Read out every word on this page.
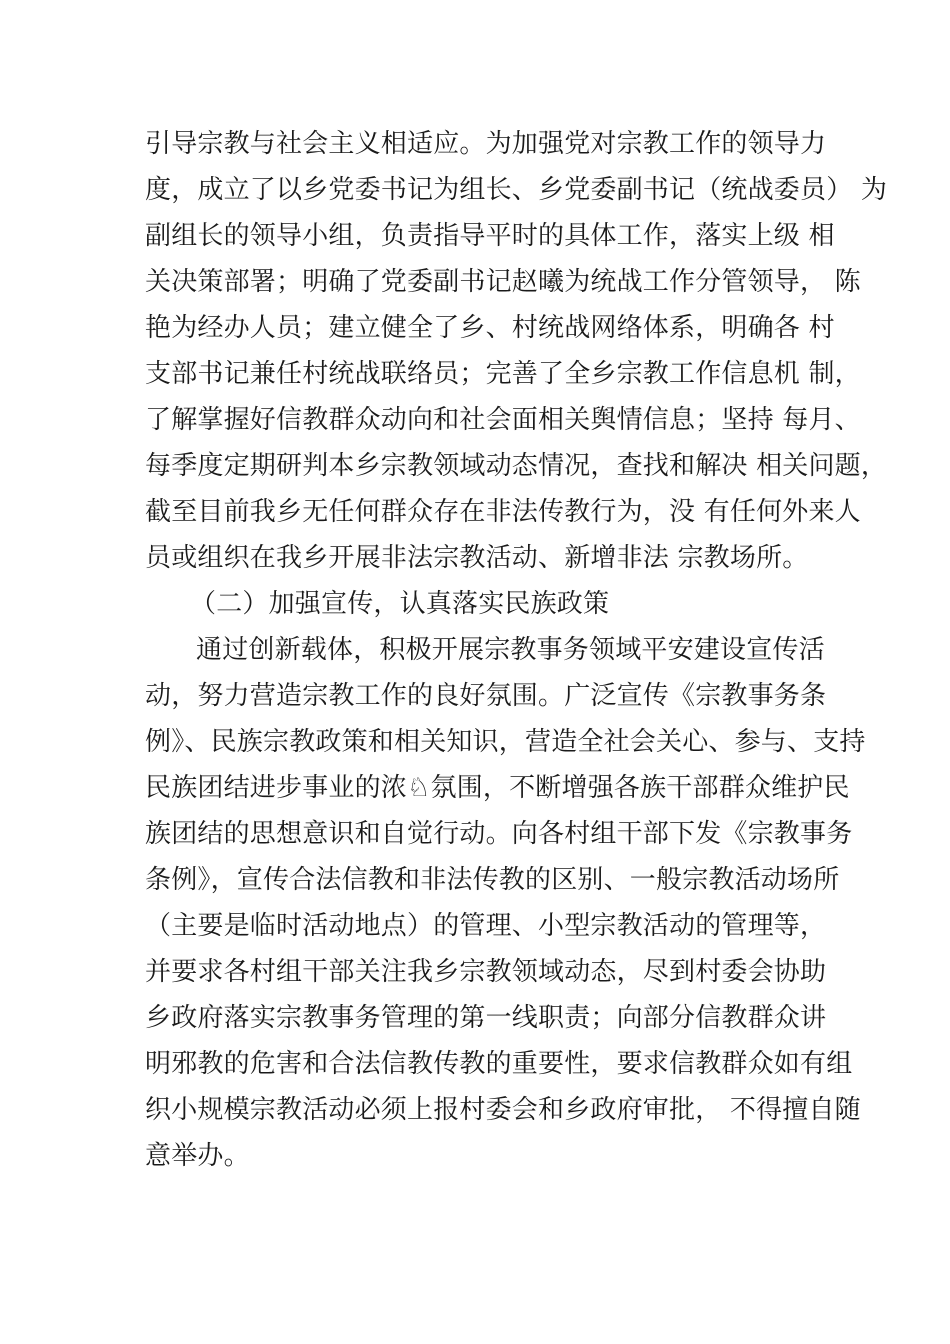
引导宗教与社会主义相适应。为加强党对宗教工作的领导力
度，成立了以乡党委书记为组长、乡党委副书记（统战委员） 为
副组长的领导小组，负责指导平时的具体工作，落实上级 相
关决策部署；明确了党委副书记赵曦为统战工作分管领导， 陈
艳为经办人员；建立健全了乡、村统战网络体系，明确各 村
支部书记兼任村统战联络员；完善了全乡宗教工作信息机 制，
了解掌握好信教群众动向和社会面相关舆情信息；坚持 每月、
每季度定期研判本乡宗教领域动态情况，查找和解决 相关问题，
截至目前我乡无任何群众存在非法传教行为，没 有任何外来人
员或组织在我乡开展非法宗教活动、新增非法 宗教场所。
（二）加强宣传，认真落实民族政策
通过创新载体，积极开展宗教事务领域平安建设宣传活
动，努力营造宗教工作的良好氛围。广泛宣传《宗教事务条
例》、民族宗教政策和相关知识，营造全社会关心、参与、支持
民族团结进步事业的浓♘氛围，不断增强各族干部群众维护民
族团结的思想意识和自觉行动。向各村组干部下发《宗教事务
条例》，宣传合法信教和非法传教的区别、一般宗教活动场所
（主要是临时活动地点）的管理、小型宗教活动的管理等，
并要求各村组干部关注我乡宗教领域动态，尽到村委会协助
乡政府落实宗教事务管理的第一线职责；向部分信教群众讲
明邪教的危害和合法信教传教的重要性，要求信教群众如有组
织小规模宗教活动必须上报村委会和乡政府审批， 不得擅自随
意举办。
